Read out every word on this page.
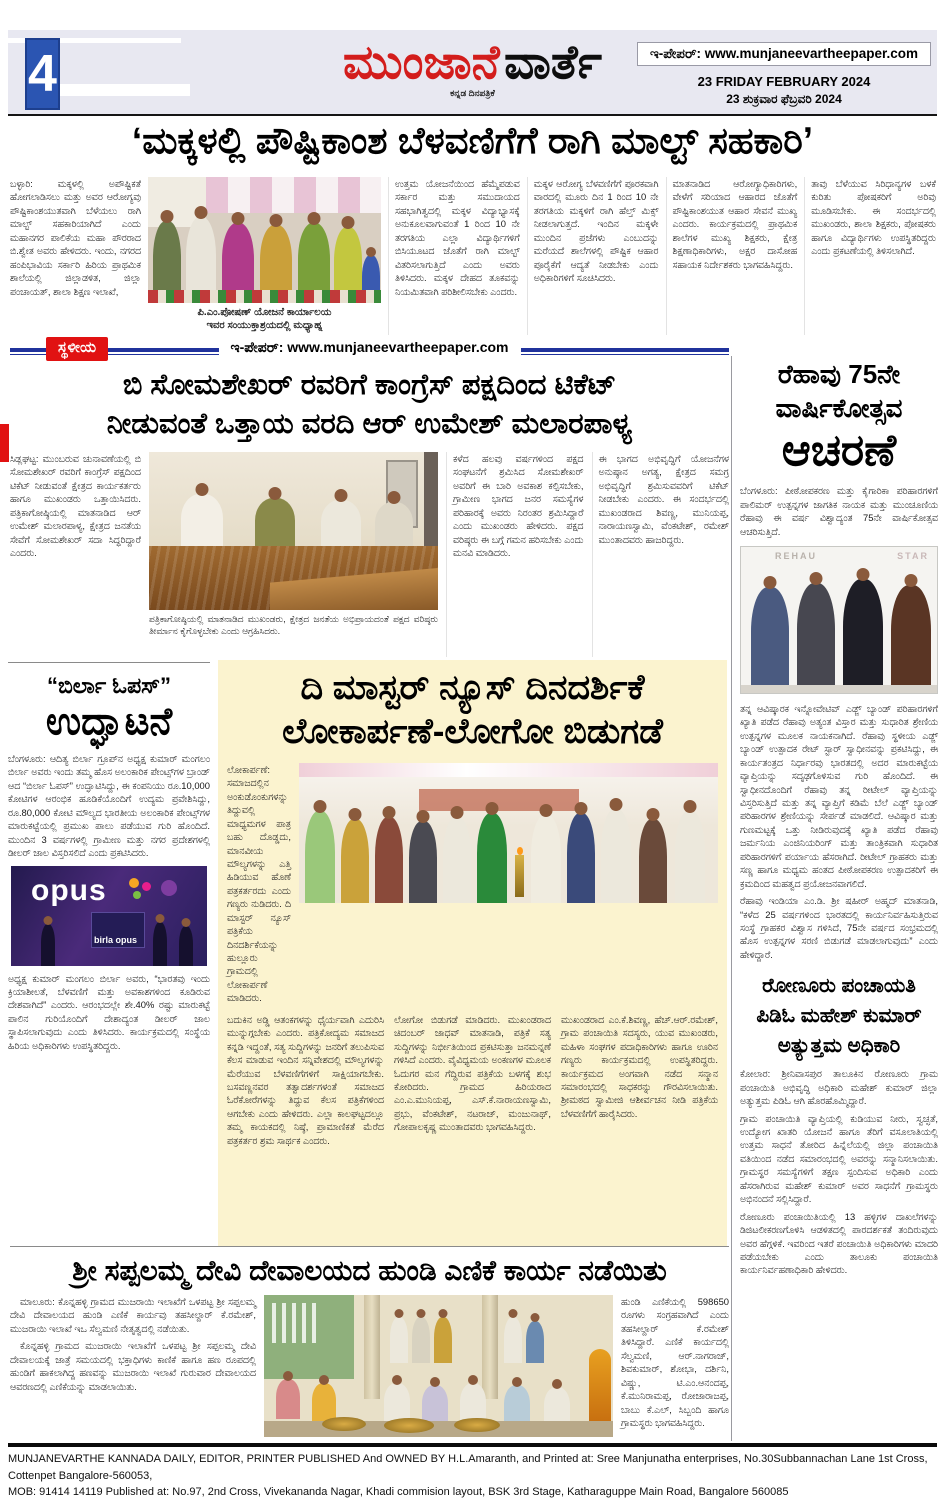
4	ಮುಂಜಾನೆ ವಾರ್ತೆ
ಕನ್ನಡ ದಿನಪತ್ರಿಕೆ
ಇ-ಪೇಪರ್: www.munjaneevartheepaper.com
23 FRIDAY FEBRUARY 2024
23 ಶುಕ್ರವಾರ ಫೆಬ್ರವರಿ 2024
‘ಮಕ್ಕಳಲ್ಲಿ ಪೌಷ್ಟಿಕಾಂಶ ಬೆಳವಣಿಗೆಗೆ ರಾಗಿ ಮಾಲ್ಟ್ ಸಹಕಾರಿ’
ಬಳ್ಳಾರಿ: ಮಕ್ಕಳಲ್ಲಿ ಅಪೌಷ್ಟಿಕತೆ ಹೋಗಲಾಡಿಸಲು ಮತ್ತು ಅವರ ಆರೋಗ್ಯವು ಪೌಷ್ಟಿಕಾಂಶಯುತವಾಗಿ ಬೆಳೆಯಲು ರಾಗಿ ಮಾಲ್ಟ್ ಸಹಕಾರಿಯಾಗಿದೆ ಎಂದು ಮಹಾನಗರ ಪಾಲಿಕೆಯ ಮಹಾ ಪೌರರಾದ ಬಿ.ಶ್ವೇತ ಅವರು ಹೇಳಿದರು. ಇಂದು, ನಗರದ ಹಂಪಿಭಾವಿಯ ಸರ್ಕಾರಿ ಹಿರಿಯ ಪ್ರಾಥಮಿಕ ಶಾಲೆಯಲ್ಲಿ ಜಿಲ್ಲಾಡಳಿತ, ಜಿಲ್ಲಾ ಪಂಚಾಯತ್, ಶಾಲಾ ಶಿಕ್ಷಣ ಇಲಾಖೆ,
ಪಿ.ಎಂ.ಪೋಷಣ್ ಯೋಜನೆ ಕಾರ್ಯಾಲಯ
ಇವರ ಸಂಯುಕ್ತಾಶ್ರಯದಲ್ಲಿ ಮಧ್ಯಾಹ್ನ
ಉತ್ತಮ ಯೋಜನೆಯಿಂದ ಹೆಮ್ಮೆಪಡುವ ಸರ್ಕಾರ ಮತ್ತು ಸಮುದಾಯದ ಸಹಭಾಗಿತ್ವದಲ್ಲಿ ಮಕ್ಕಳ ವಿದ್ಯಾಭ್ಯಾಸಕ್ಕೆ ಅನುಕೂಲವಾಗುವಂತೆ 1 ರಿಂದ 10 ನೇ ತರಗತಿಯ ಎಲ್ಲಾ ವಿದ್ಯಾರ್ಥಿಗಳಿಗೆ ಬಿಸಿಯೂಟದ ಜೊತೆಗೆ ರಾಗಿ ಮಾಲ್ಟ್ ವಿತರಿಸಲಾಗುತ್ತಿದೆ ಎಂದು ಅವರು ತಿಳಿಸಿದರು. ಮಕ್ಕಳ ದೇಹದ ತೂಕವನ್ನು ನಿಯಮಿತವಾಗಿ ಪರಿಶೀಲಿಸಬೇಕು ಎಂದರು.
ಮಕ್ಕಳ ಆರೋಗ್ಯ ಬೆಳವಣಿಗೆಗೆ ಪೂರಕವಾಗಿ ವಾರದಲ್ಲಿ ಮೂರು ದಿನ 1 ರಿಂದ 10 ನೇ ತರಗತಿಯ ಮಕ್ಕಳಿಗೆ ರಾಗಿ ಹೆಲ್ತ್ ಮಿಕ್ಸ್ ನೀಡಲಾಗುತ್ತದೆ. ಇಂದಿನ ಮಕ್ಕಳೇ ಮುಂದಿನ ಪ್ರಜೆಗಳು ಎಂಬುದನ್ನು ಮರೆಯದೆ ಶಾಲೆಗಳಲ್ಲಿ ಪೌಷ್ಟಿಕ ಆಹಾರ ಪೂರೈಕೆಗೆ ಆದ್ಯತೆ ನೀಡಬೇಕು ಎಂದು ಅಧಿಕಾರಿಗಳಿಗೆ ಸೂಚಿಸಿದರು.
ಮಾತನಾಡಿದ ಆರೋಗ್ಯಾಧಿಕಾರಿಗಳು, ವೇಳೆಗೆ ಸರಿಯಾದ ಆಹಾರದ ಜೊತೆಗೆ ಪೌಷ್ಟಿಕಾಂಶಯುತ ಆಹಾರ ಸೇವನೆ ಮುಖ್ಯ ಎಂದರು. ಕಾರ್ಯಕ್ರಮದಲ್ಲಿ ಪ್ರಾಥಮಿಕ ಶಾಲೆಗಳ ಮುಖ್ಯ ಶಿಕ್ಷಕರು, ಕ್ಷೇತ್ರ ಶಿಕ್ಷಣಾಧಿಕಾರಿಗಳು, ಅಕ್ಷರ ದಾಸೋಹ ಸಹಾಯಕ ನಿರ್ದೇಶಕರು ಭಾಗವಹಿಸಿದ್ದರು.
ತಾವು ಬೆಳೆಯುವ ಸಿರಿಧಾನ್ಯಗಳ ಬಳಕೆ ಕುರಿತು ಪೋಷಕರಿಗೆ ಅರಿವು ಮೂಡಿಸಬೇಕು. ಈ ಸಂದರ್ಭದಲ್ಲಿ ಮುಖಂಡರು, ಶಾಲಾ ಶಿಕ್ಷಕರು, ಪೋಷಕರು ಹಾಗೂ ವಿದ್ಯಾರ್ಥಿಗಳು ಉಪಸ್ಥಿತರಿದ್ದರು ಎಂದು ಪ್ರಕಟಣೆಯಲ್ಲಿ ತಿಳಿಸಲಾಗಿದೆ.
ಸ್ಥಳೀಯ	ಇ-ಪೇಪರ್: www.munjaneevartheepaper.com
ಬಿ ಸೋಮಶೇಖರ್ ರವರಿಗೆ ಕಾಂಗ್ರೆಸ್ ಪಕ್ಷದಿಂದ ಟಿಕೆಟ್
ನೀಡುವಂತೆ ಒತ್ತಾಯ ವರದಿ ಆರ್ ಉಮೇಶ್ ಮಲಾರಪಾಳ್ಯ
ಸಿಡ್ಲಘಟ್ಟ: ಮುಂಬರುವ ಚುನಾವಣೆಯಲ್ಲಿ ಬಿ ಸೋಮಶೇಖರ್ ರವರಿಗೆ ಕಾಂಗ್ರೆಸ್ ಪಕ್ಷದಿಂದ ಟಿಕೆಟ್ ನೀಡುವಂತೆ ಕ್ಷೇತ್ರದ ಕಾರ್ಯಕರ್ತರು ಹಾಗೂ ಮುಖಂಡರು ಒತ್ತಾಯಿಸಿದರು. ಪತ್ರಿಕಾಗೋಷ್ಠಿಯಲ್ಲಿ ಮಾತನಾಡಿದ ಆರ್ ಉಮೇಶ್ ಮಲಾರಪಾಳ್ಯ, ಕ್ಷೇತ್ರದ ಜನತೆಯ ಸೇವೆಗೆ ಸೋಮಶೇಖರ್ ಸದಾ ಸಿದ್ಧರಿದ್ದಾರೆ ಎಂದರು.
ಪತ್ರಿಕಾಗೋಷ್ಠಿಯಲ್ಲಿ ಮಾತನಾಡಿದ ಮುಖಂಡರು, ಕ್ಷೇತ್ರದ ಜನತೆಯ ಅಭಿಪ್ರಾಯದಂತೆ ಪಕ್ಷದ ವರಿಷ್ಠರು ತೀರ್ಮಾನ ಕೈಗೊಳ್ಳಬೇಕು ಎಂದು ಆಗ್ರಹಿಸಿದರು.
ಕಳೆದ ಹಲವು ವರ್ಷಗಳಿಂದ ಪಕ್ಷದ ಸಂಘಟನೆಗೆ ಶ್ರಮಿಸಿದ ಸೋಮಶೇಖರ್ ಅವರಿಗೆ ಈ ಬಾರಿ ಅವಕಾಶ ಕಲ್ಪಿಸಬೇಕು, ಗ್ರಾಮೀಣ ಭಾಗದ ಜನರ ಸಮಸ್ಯೆಗಳ ಪರಿಹಾರಕ್ಕೆ ಅವರು ನಿರಂತರ ಶ್ರಮಿಸಿದ್ದಾರೆ ಎಂದು ಮುಖಂಡರು ಹೇಳಿದರು. ಪಕ್ಷದ ವರಿಷ್ಠರು ಈ ಬಗ್ಗೆ ಗಮನ ಹರಿಸಬೇಕು ಎಂದು ಮನವಿ ಮಾಡಿದರು.
ಈ ಭಾಗದ ಅಭಿವೃದ್ಧಿಗೆ ಯೋಜನೆಗಳ ಅನುಷ್ಠಾನ ಅಗತ್ಯ, ಕ್ಷೇತ್ರದ ಸಮಗ್ರ ಅಭಿವೃದ್ಧಿಗೆ ಶ್ರಮಿಸುವವರಿಗೆ ಟಿಕೆಟ್ ನೀಡಬೇಕು ಎಂದರು. ಈ ಸಂದರ್ಭದಲ್ಲಿ ಮುಖಂಡರಾದ ಶಿವಣ್ಣ, ಮುನಿಯಪ್ಪ, ನಾರಾಯಣಸ್ವಾಮಿ, ವೆಂಕಟೇಶ್, ರಮೇಶ್ ಮುಂತಾದವರು ಹಾಜರಿದ್ದರು.
ರೆಹಾವು 75ನೇ
ವಾರ್ಷಿಕೋತ್ಸವ
ಆಚರಣೆ
ಬೆಂಗಳೂರು: ಪೀಠೋಪಕರಣ ಮತ್ತು ಕೈಗಾರಿಕಾ ಪರಿಹಾರಗಳಿಗೆ ಪಾಲಿಮರ್ ಉತ್ಪನ್ನಗಳ ಜಾಗತಿಕ ನಾಯಕ ಮತ್ತು ಮುಂಚೂಣಿಯ ರೆಹಾವು ಈ ವರ್ಷ ವಿಶ್ವಾದ್ಯಂತ 75ನೇ ವಾರ್ಷಿಕೋತ್ಸವ ಆಚರಿಸುತ್ತಿದೆ.
REHAU	STAR
ತನ್ನ ಆವಿಷ್ಕಾರಕ ಇನ್ನೋವೇಟಿವ್ ಎಡ್ಜ್ ಬ್ಯಾಂಡ್ ಪರಿಹಾರಗಳಿಗೆ ಖ್ಯಾತಿ ಪಡೆದ ರೆಹಾವು ಅತ್ಯಂತ ವಿಸ್ತಾರ ಮತ್ತು ಸುಧಾರಿತ ಶ್ರೇಣಿಯ ಉತ್ಪನ್ನಗಳ ಮೂಲಕ ನಾಯಕನಾಗಿದೆ. ರೆಹಾವು ಸ್ಥಳೀಯ ಎಡ್ಜ್ ಬ್ಯಾಂಡ್ ಉತ್ಪಾದಕ ರೇಟ್ ಸ್ಟಾರ್ ಸ್ವಾಧೀನವನ್ನು ಪ್ರಕಟಿಸಿದ್ದು, ಈ ಕಾರ್ಯತಂತ್ರದ ನಿರ್ಧಾರವು ಭಾರತದಲ್ಲಿ ಅದರ ಮಾರುಕಟ್ಟೆಯ ವ್ಯಾಪ್ತಿಯನ್ನು ಸದೃಢಗೊಳಿಸುವ ಗುರಿ ಹೊಂದಿದೆ. ಈ ಸ್ವಾಧೀನದೊಂದಿಗೆ ರೆಹಾವು ತನ್ನ ರೀಟೇಲ್ ವ್ಯಾಪ್ತಿಯನ್ನು ವಿಸ್ತರಿಸುತ್ತಿದೆ ಮತ್ತು ತನ್ನ ವ್ಯಾಪ್ತಿಗೆ ಕಡಿಮೆ ಬೆಲೆ ಎಡ್ಜ್ ಬ್ಯಾಂಡ್ ಪರಿಹಾರಗಳ ಶ್ರೇಣಿಯನ್ನು ಸೇರ್ಪಡೆ ಮಾಡಲಿದೆ. ಆವಿಷ್ಕಾರ ಮತ್ತು ಗುಣಮಟ್ಟಕ್ಕೆ ಒತ್ತು ನೀಡಿರುವುದಕ್ಕೆ ಖ್ಯಾತಿ ಪಡೆದ ರೆಹಾವು ಜರ್ಮನಿಯ ಎಂಜಿನಿಯರಿಂಗ್ ಮತ್ತು ತಾಂತ್ರಿಕವಾಗಿ ಸುಧಾರಿತ ಪರಿಹಾರಗಳಿಗೆ ಪರ್ಯಾಯ ಹೆಸರಾಗಿದೆ. ರೀಟೇಲ್ ಗ್ರಾಹಕರು ಮತ್ತು ಸಣ್ಣ ಹಾಗೂ ಮಧ್ಯಮ ಹಂತದ ಪೀಠೋಪಕರಣ ಉತ್ಪಾದಕರಿಗೆ ಈ ಕ್ರಮದಿಂದ ಮಹತ್ವದ ಪ್ರಯೋಜನವಾಗಲಿದೆ.
ರೆಹಾವು ಇಂಡಿಯಾ ಎಂ.ಡಿ. ಶ್ರೀ ಷಹೀರ್ ಅಹ್ಮದ್ ಮಾತನಾಡಿ, “ಕಳೆದ 25 ವರ್ಷಗಳಿಂದ ಭಾರತದಲ್ಲಿ ಕಾರ್ಯನಿರ್ವಹಿಸುತ್ತಿರುವ ಸಂಸ್ಥೆ ಗ್ರಾಹಕರ ವಿಶ್ವಾಸ ಗಳಿಸಿದೆ, 75ನೇ ವರ್ಷದ ಸಂಭ್ರಮದಲ್ಲಿ ಹೊಸ ಉತ್ಪನ್ನಗಳ ಸರಣಿ ಬಿಡುಗಡೆ ಮಾಡಲಾಗುವುದು” ಎಂದು ಹೇಳಿದ್ದಾರೆ.
ರೋಣೂರು ಪಂಚಾಯತಿ
ಪಿಡಿಓ ಮಹೇಶ್ ಕುಮಾರ್
ಅತ್ಯುತ್ತಮ ಅಧಿಕಾರಿ
ಕೋಲಾರ: ಶ್ರೀನಿವಾಸಪುರ ತಾಲೂಕಿನ ರೋಣೂರು ಗ್ರಾಮ ಪಂಚಾಯಿತಿ ಅಭಿವೃದ್ಧಿ ಅಧಿಕಾರಿ ಮಹೇಶ್ ಕುಮಾರ್ ಜಿಲ್ಲಾ ಅತ್ಯುತ್ತಮ ಪಿಡಿಓ ಆಗಿ ಹೊರಹೊಮ್ಮಿದ್ದಾರೆ.
ಗ್ರಾಮ ಪಂಚಾಯಿತಿ ವ್ಯಾಪ್ತಿಯಲ್ಲಿ ಕುಡಿಯುವ ನೀರು, ಸ್ವಚ್ಛತೆ, ಉದ್ಯೋಗ ಖಾತರಿ ಯೋಜನೆ ಹಾಗೂ ತೆರಿಗೆ ವಸೂಲಾತಿಯಲ್ಲಿ ಉತ್ತಮ ಸಾಧನೆ ತೋರಿದ ಹಿನ್ನೆಲೆಯಲ್ಲಿ ಜಿಲ್ಲಾ ಪಂಚಾಯಿತಿ ವತಿಯಿಂದ ನಡೆದ ಸಮಾರಂಭದಲ್ಲಿ ಅವರನ್ನು ಸನ್ಮಾನಿಸಲಾಯಿತು. ಗ್ರಾಮಸ್ಥರ ಸಮಸ್ಯೆಗಳಿಗೆ ತಕ್ಷಣ ಸ್ಪಂದಿಸುವ ಅಧಿಕಾರಿ ಎಂದು ಹೆಸರಾಗಿರುವ ಮಹೇಶ್ ಕುಮಾರ್ ಅವರ ಸಾಧನೆಗೆ ಗ್ರಾಮಸ್ಥರು ಅಭಿನಂದನೆ ಸಲ್ಲಿಸಿದ್ದಾರೆ.
ರೋಣೂರು ಪಂಚಾಯಿತಿಯಲ್ಲಿ 13 ಹಳ್ಳಿಗಳ ದಾಖಲೆಗಳನ್ನು ಡಿಜಿಟಲೀಕರಣಗೊಳಿಸಿ ಆಡಳಿತದಲ್ಲಿ ಪಾರದರ್ಶಕತೆ ತಂದಿರುವುದು ಅವರ ಹೆಗ್ಗಳಿಕೆ. ಇವರಿಂದ ಇತರೆ ಪಂಚಾಯಿತಿ ಅಧಿಕಾರಿಗಳು ಮಾದರಿ ಪಡೆಯಬೇಕು ಎಂದು ತಾಲೂಕು ಪಂಚಾಯಿತಿ ಕಾರ್ಯನಿರ್ವಹಣಾಧಿಕಾರಿ ಹೇಳಿದರು.
“ಬಿರ್ಲಾ ಓಪಸ್”
ಉದ್ಘಾಟನೆ
ಬೆಂಗಳೂರು: ಆದಿತ್ಯ ಬಿರ್ಲಾ ಗ್ರೂಪ್‌ನ ಅಧ್ಯಕ್ಷ ಕುಮಾರ್ ಮಂಗಲಂ ಬಿರ್ಲಾ ಅವರು ಇಂದು ತಮ್ಮ ಹೊಸ ಅಲಂಕಾರಿಕ ಪೇಂಟ್ಸ್‌ಗಳ ಬ್ರಾಂಡ್ ಆದ “ಬಿರ್ಲಾ ಓಪಸ್” ಉದ್ಘಾಟಿಸಿದ್ದು, ಈ ಕಂಪನಿಯು ರೂ.10,000 ಕೋಟಿಗಳ ಆರಂಭಿಕ ಹೂಡಿಕೆಯೊಂದಿಗೆ ಉದ್ಯಮ ಪ್ರವೇಶಿಸಿದ್ದು, ರೂ.80,000 ಕೋಟಿ ಮೌಲ್ಯದ ಭಾರತೀಯ ಅಲಂಕಾರಿಕ ಪೇಂಟ್ಸ್‌ಗಳ ಮಾರುಕಟ್ಟೆಯಲ್ಲಿ ಪ್ರಮುಖ ಪಾಲು ಪಡೆಯುವ ಗುರಿ ಹೊಂದಿದೆ. ಮುಂದಿನ 3 ವರ್ಷಗಳಲ್ಲಿ ಗ್ರಾಮೀಣ ಮತ್ತು ನಗರ ಪ್ರದೇಶಗಳಲ್ಲಿ ಡೀಲರ್ ಜಾಲ ವಿಸ್ತರಿಸಲಿದೆ ಎಂದು ಪ್ರಕಟಿಸಿದರು.
opus
birla opus
ಅಧ್ಯಕ್ಷ ಕುಮಾರ್ ಮಂಗಲಂ ಬಿರ್ಲಾ ಅವರು, “ಭಾರತವು ಇಂದು ಕ್ರಿಯಾಶೀಲತೆ, ಬೆಳವಣಿಗೆ ಮತ್ತು ಅವಕಾಶಗಳಿಂದ ಕೂಡಿರುವ ದೇಶವಾಗಿದೆ” ಎಂದರು. ಆರಂಭದಲ್ಲೇ ಶೇ.40% ರಷ್ಟು ಮಾರುಕಟ್ಟೆ ಪಾಲಿನ ಗುರಿಯೊಂದಿಗೆ ದೇಶಾದ್ಯಂತ ಡೀಲರ್ ಜಾಲ ಸ್ಥಾಪಿಸಲಾಗುವುದು ಎಂದು ತಿಳಿಸಿದರು. ಕಾರ್ಯಕ್ರಮದಲ್ಲಿ ಸಂಸ್ಥೆಯ ಹಿರಿಯ ಅಧಿಕಾರಿಗಳು ಉಪಸ್ಥಿತರಿದ್ದರು.
ದಿ ಮಾಸ್ಟರ್ ನ್ಯೂಸ್ ದಿನದರ್ಶಿಕೆ
ಲೋಕಾರ್ಪಣೆ-ಲೋಗೋ ಬಿಡುಗಡೆ
ಲೋಕಾರ್ಪಣೆ: ಸಮಾಜದಲ್ಲಿನ ಅಂಕುಡೊಂಕುಗಳನ್ನು ತಿದ್ದುವಲ್ಲಿ ಮಾಧ್ಯಮಗಳ ಪಾತ್ರ ಬಹು ದೊಡ್ಡದು, ಮಾನವೀಯ ಮೌಲ್ಯಗಳನ್ನು ಎತ್ತಿ ಹಿಡಿಯುವ ಹೊಣೆ ಪತ್ರಕರ್ತರದು ಎಂದು ಗಣ್ಯರು ನುಡಿದರು. ದಿ ಮಾಸ್ಟರ್ ನ್ಯೂಸ್ ಪತ್ರಿಕೆಯ ದಿನದರ್ಶಿಕೆಯನ್ನು ಹುಲ್ಲೂರು ಗ್ರಾಮದಲ್ಲಿ ಲೋಕಾರ್ಪಣೆ ಮಾಡಿದರು.
ಬದುಕಿನ ಅಡ್ಡಿ ಆತಂಕಗಳನ್ನು ಧೈರ್ಯವಾಗಿ ಎದುರಿಸಿ ಮುನ್ನುಗ್ಗಬೇಕು ಎಂದರು. ಪತ್ರಿಕೋದ್ಯಮ ಸಮಾಜದ ಕನ್ನಡಿ ಇದ್ದಂತೆ, ಸತ್ಯ ಸುದ್ದಿಗಳನ್ನು ಜನರಿಗೆ ತಲುಪಿಸುವ ಕೆಲಸ ಮಾಡುವ ಇಂದಿನ ಸನ್ನಿವೇಶದಲ್ಲಿ ಮೌಲ್ಯಗಳನ್ನು ಮೆರೆಯುವ ಬೆಳವಣಿಗೆಗಳಿಗೆ ಸಾಕ್ಷಿಯಾಗಬೇಕು. ಬಸವಣ್ಣನವರ ತತ್ವಾದರ್ಶಗಳಂತೆ ಸಮಾಜದ ಓರೆಕೋರೆಗಳನ್ನು ತಿದ್ದುವ ಕೆಲಸ ಪತ್ರಿಕೆಗಳಿಂದ ಆಗಬೇಕು ಎಂದು ಹೇಳಿದರು. ಎಲ್ಲಾ ಕಾಲಘಟ್ಟದಲ್ಲೂ ತಮ್ಮ ಕಾಯಕದಲ್ಲಿ ನಿಷ್ಠೆ, ಪ್ರಾಮಾಣಿಕತೆ ಮೆರೆದ ಪತ್ರಕರ್ತರ ಶ್ರಮ ಸಾರ್ಥಕ ಎಂದರು.
ಲೋಗೋ ಬಿಡುಗಡೆ ಮಾಡಿದರು. ಮುಖಂಡರಾದ ಚಿದಂಬರ್ ಜಾಧವ್ ಮಾತನಾಡಿ, ಪತ್ರಿಕೆ ಸತ್ಯ ಸುದ್ದಿಗಳನ್ನು ನಿರ್ಭೀತಿಯಿಂದ ಪ್ರಕಟಿಸುತ್ತಾ ಜನಮನ್ನಣೆ ಗಳಿಸಿದೆ ಎಂದರು. ವೈವಿಧ್ಯಮಯ ಅಂಕಣಗಳ ಮೂಲಕ ಓದುಗರ ಮನ ಗೆದ್ದಿರುವ ಪತ್ರಿಕೆಯ ಬಳಗಕ್ಕೆ ಶುಭ ಕೋರಿದರು. ಗ್ರಾಮದ ಹಿರಿಯರಾದ ಎಂ.ಎ.ಮುನಿಯಪ್ಪ, ಎಸ್.ಕೆ.ನಾರಾಯಣಸ್ವಾಮಿ, ಪ್ರಭು, ವೆಂಕಟೇಶ್, ನಟರಾಜ್, ಮಂಜುನಾಥ್, ಗೋಪಾಲಕೃಷ್ಣ ಮುಂತಾದವರು ಭಾಗವಹಿಸಿದ್ದರು.
ಮುಖಂಡರಾದ ಎಂ.ಕೆ.ಶಿವಣ್ಣ, ಹೆಚ್.ಆರ್.ರಮೇಶ್, ಗ್ರಾಮ ಪಂಚಾಯಿತಿ ಸದಸ್ಯರು, ಯುವ ಮುಖಂಡರು, ಮಹಿಳಾ ಸಂಘಗಳ ಪದಾಧಿಕಾರಿಗಳು ಹಾಗೂ ಊರಿನ ಗಣ್ಯರು ಕಾರ್ಯಕ್ರಮದಲ್ಲಿ ಉಪಸ್ಥಿತರಿದ್ದರು. ಕಾರ್ಯಕ್ರಮದ ಅಂಗವಾಗಿ ನಡೆದ ಸನ್ಮಾನ ಸಮಾರಂಭದಲ್ಲಿ ಸಾಧಕರನ್ನು ಗೌರವಿಸಲಾಯಿತು. ಶ್ರೀಮಠದ ಸ್ವಾಮೀಜಿ ಆಶೀರ್ವಚನ ನೀಡಿ ಪತ್ರಿಕೆಯ ಬೆಳವಣಿಗೆಗೆ ಹಾರೈಸಿದರು.
ಶ್ರೀ ಸಪ್ಪಲಮ್ಮ ದೇವಿ ದೇವಾಲಯದ ಹುಂಡಿ ಎಣಿಕೆ ಕಾರ್ಯ ನಡೆಯಿತು

ಮಾಲೂರು: ಕೊನ್ನಹಳ್ಳಿ ಗ್ರಾಮದ ಮುಜರಾಯಿ ಇಲಾಖೆಗೆ ಒಳಪಟ್ಟ ಶ್ರೀ ಸಪ್ಪಲಮ್ಮ ದೇವಿ ದೇವಾಲಯದ ಹುಂಡಿ ಎಣಿಕೆ ಕಾರ್ಯವು ತಹಸೀಲ್ದಾರ್ ಕೆ.ರಮೇಶ್, ಮುಜರಾಯಿ ಇಲಾಖೆ ಇಒ ಸೆಲ್ವಮಣಿ ನೇತೃತ್ವದಲ್ಲಿ ನಡೆಯಿತು.

ಕೊನ್ನಹಳ್ಳಿ ಗ್ರಾಮದ ಮುಜರಾಯಿ ಇಲಾಖೆಗೆ ಒಳಪಟ್ಟ ಶ್ರೀ ಸಪ್ಪಲಮ್ಮ ದೇವಿ ದೇವಾಲಯಕ್ಕೆ ಜಾತ್ರೆ ಸಮಯದಲ್ಲಿ ಭಕ್ತಾಧಿಗಳು ಕಾಣಿಕೆ ಹಾಗೂ ಹಣ ರೂಪದಲ್ಲಿ ಹುಂಡಿಗೆ ಹಾಕಲಾಗಿದ್ದ ಹಣವನ್ನು ಮುಜರಾಯಿ ಇಲಾಖೆ ಗುರುವಾರ ದೇವಾಲಯದ ಆವರಣದಲ್ಲಿ ಎಣಿಕೆಯನ್ನು ಮಾಡಲಾಯಿತು.

ಹುಂಡಿ ಎಣಿಕೆಯಲ್ಲಿ 598650 ರೂಗಳು ಸಂಗ್ರಹವಾಗಿದೆ ಎಂದು ತಹಸೀಲ್ದಾರ್ ಕೆ.ರಮೇಶ್ ತಿಳಿಸಿದ್ದಾರೆ. ಎಣಿಕೆ ಕಾರ್ಯದಲ್ಲಿ ಸೆಲ್ವಮಣಿ, ಆರ್.ನಾಗರಾಜ್, ಶಿವಕುಮಾರ್, ಶೋಭಾ, ದರ್ಶಿನಿ, ವಿಷ್ಣು, ಟಿ.ಎಂ.ಆನಂದಪ್ಪ, ಕೆ.ಮುನಿರಾಮಪ್ಪ, ರೋಜಾರಾಜಪ್ಪ, ಬಾಬು ಕೆ.ಎಲ್, ಸಿಬ್ಬಂದಿ ಹಾಗೂ ಗ್ರಾಮಸ್ಥರು ಭಾಗವಹಿಸಿದ್ದರು.
MUNJANEVARTHE KANNADA DAILY, EDITOR, PRINTER PUBLISHED And OWNED BY H.L.Amaranth, and Printed at: Sree Manjunatha enterprises, No.30Subbannachan Lane 1st Cross, Cottenpet Bangalore-560053,
MOB: 91414 14119 Published at: No.97, 2nd Cross, Vivekananda Nagar, Khadi commision layout, BSK 3rd Stage, Katharaguppe Main Road, Bangalore 560085
